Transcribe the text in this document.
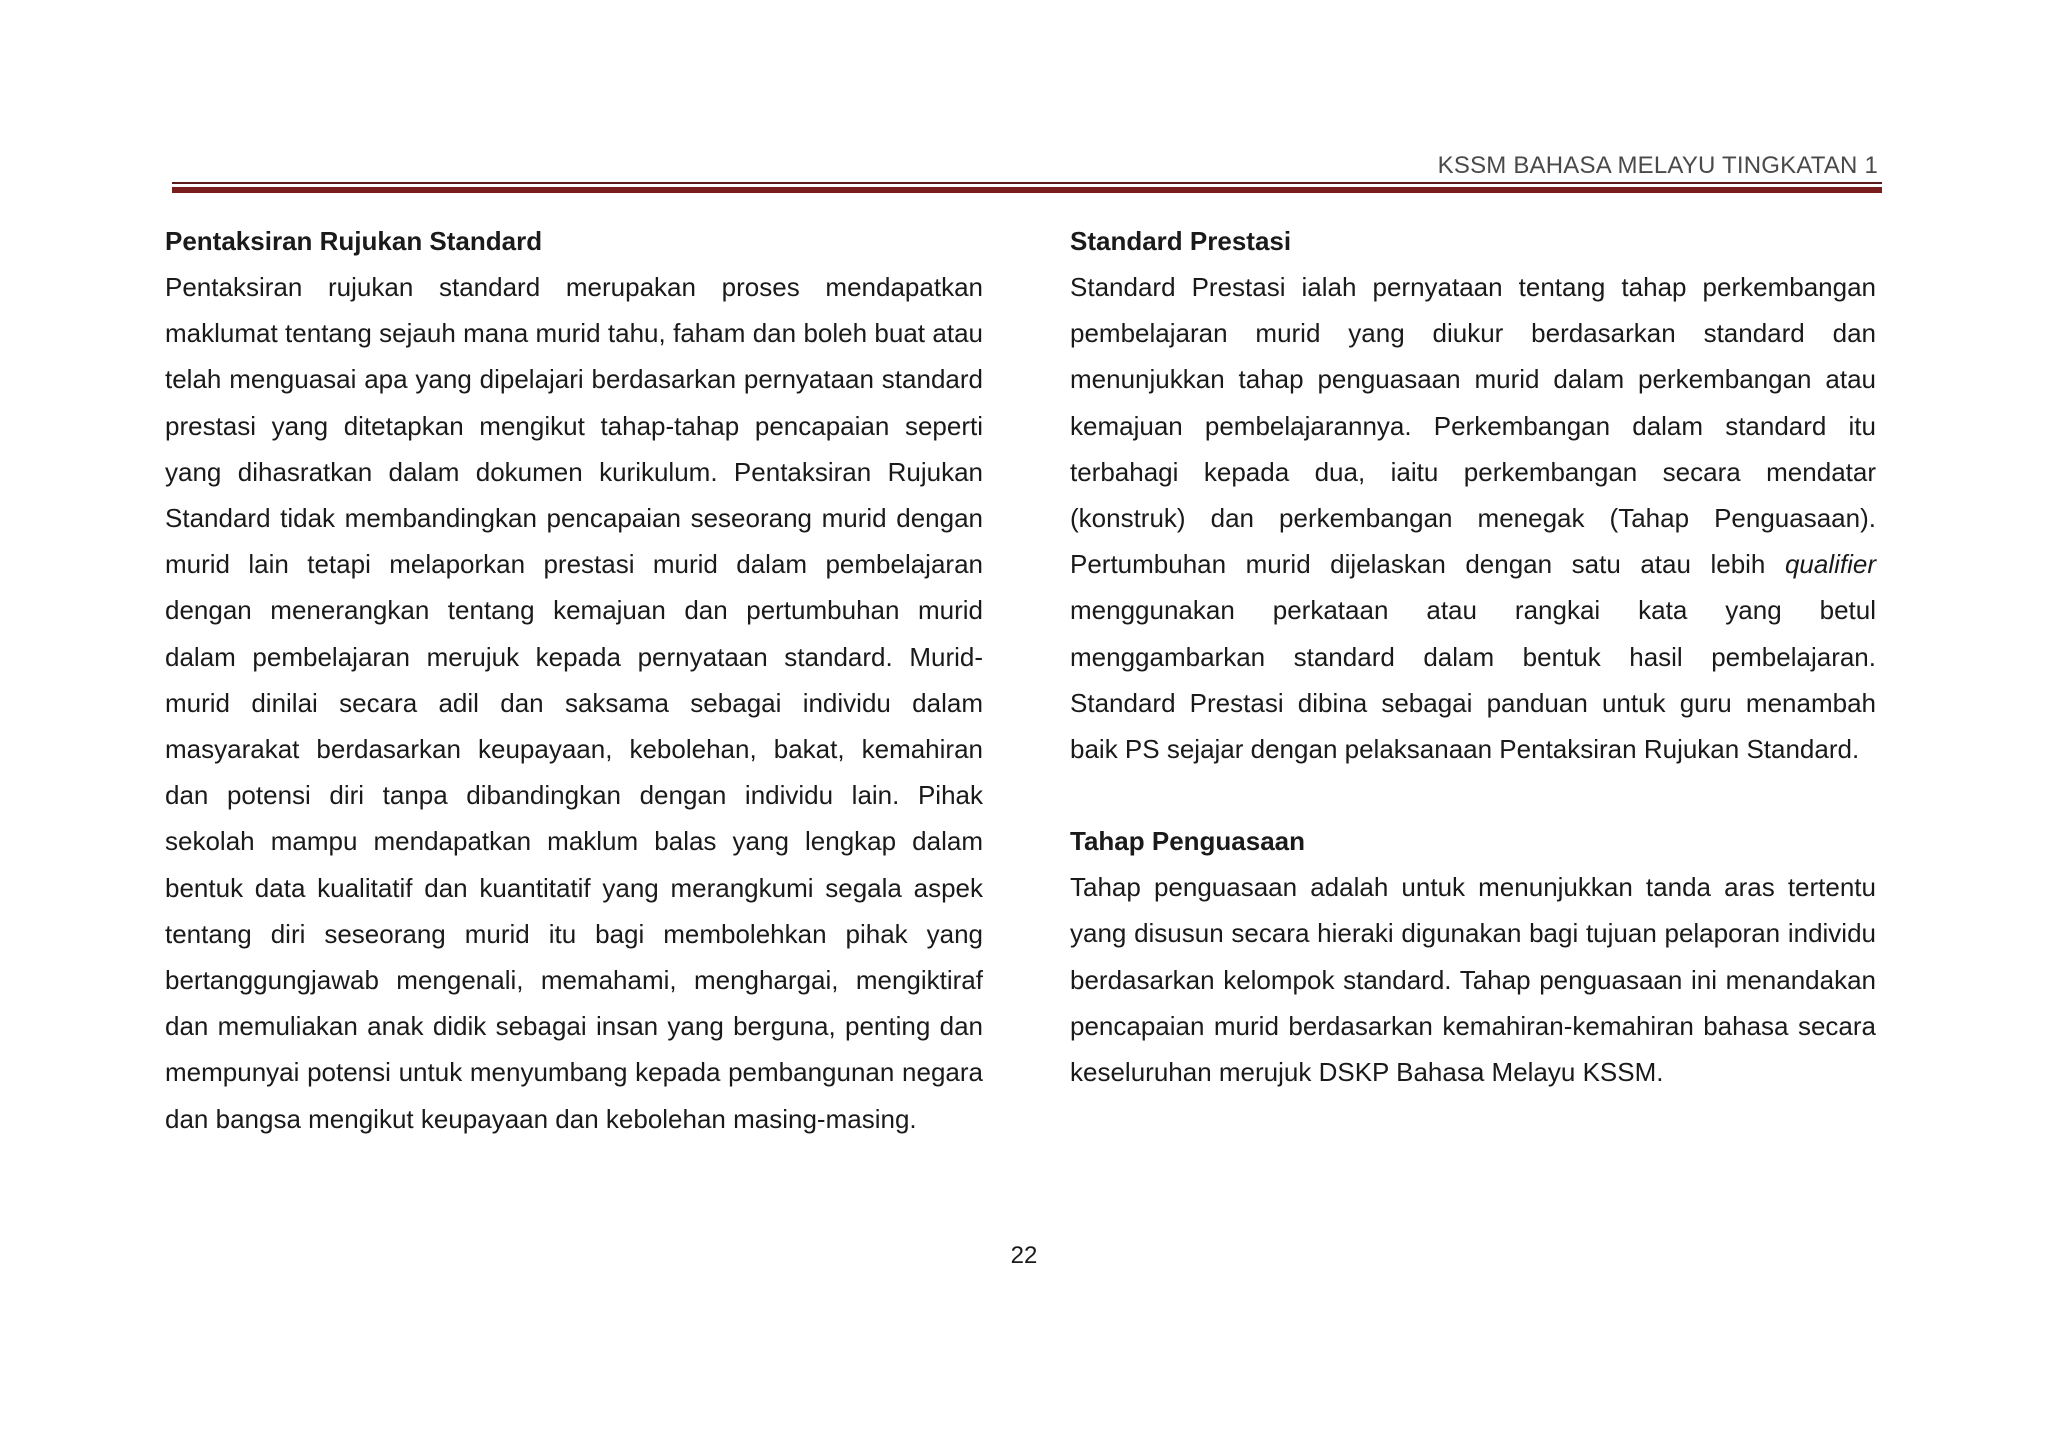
KSSM BAHASA MELAYU TINGKATAN 1
Pentaksiran Rujukan Standard

Pentaksiran rujukan standard merupakan proses mendapatkan maklumat tentang sejauh mana murid tahu, faham dan boleh buat atau telah menguasai apa yang dipelajari berdasarkan pernyataan standard prestasi yang ditetapkan mengikut tahap-tahap pencapaian seperti yang dihasratkan dalam dokumen kurikulum. Pentaksiran Rujukan Standard tidak membandingkan pencapaian seseorang murid dengan murid lain tetapi melaporkan prestasi murid dalam pembelajaran dengan menerangkan tentang kemajuan dan pertumbuhan murid dalam pembelajaran merujuk kepada pernyataan standard. Murid-murid dinilai secara adil dan saksama sebagai individu dalam masyarakat berdasarkan keupayaan, kebolehan, bakat, kemahiran dan potensi diri tanpa dibandingkan dengan individu lain. Pihak sekolah mampu mendapatkan maklum balas yang lengkap dalam bentuk data kualitatif dan kuantitatif yang merangkumi segala aspek tentang diri seseorang murid itu bagi membolehkan pihak yang bertanggungjawab mengenali, memahami, menghargai, mengiktiraf dan memuliakan anak didik sebagai insan yang berguna, penting dan mempunyai potensi untuk menyumbang kepada pembangunan negara dan bangsa mengikut keupayaan dan kebolehan masing-masing.

Standard Prestasi

Standard Prestasi ialah pernyataan tentang tahap perkembangan pembelajaran murid yang diukur berdasarkan standard dan menunjukkan tahap penguasaan murid dalam perkembangan atau kemajuan pembelajarannya. Perkembangan dalam standard itu terbahagi kepada dua, iaitu perkembangan secara mendatar (konstruk) dan perkembangan menegak (Tahap Penguasaan). Pertumbuhan murid dijelaskan dengan satu atau lebih qualifier menggunakan perkataan atau rangkai kata yang betul menggambarkan standard dalam bentuk hasil pembelajaran. Standard Prestasi dibina sebagai panduan untuk guru menambah baik PS sejajar dengan pelaksanaan Pentaksiran Rujukan Standard.

Tahap Penguasaan

Tahap penguasaan adalah untuk menunjukkan tanda aras tertentu yang disusun secara hieraki digunakan bagi tujuan pelaporan individu berdasarkan kelompok standard. Tahap penguasaan ini menandakan pencapaian murid berdasarkan kemahiran-kemahiran bahasa secara keseluruhan merujuk DSKP Bahasa Melayu KSSM.

22
